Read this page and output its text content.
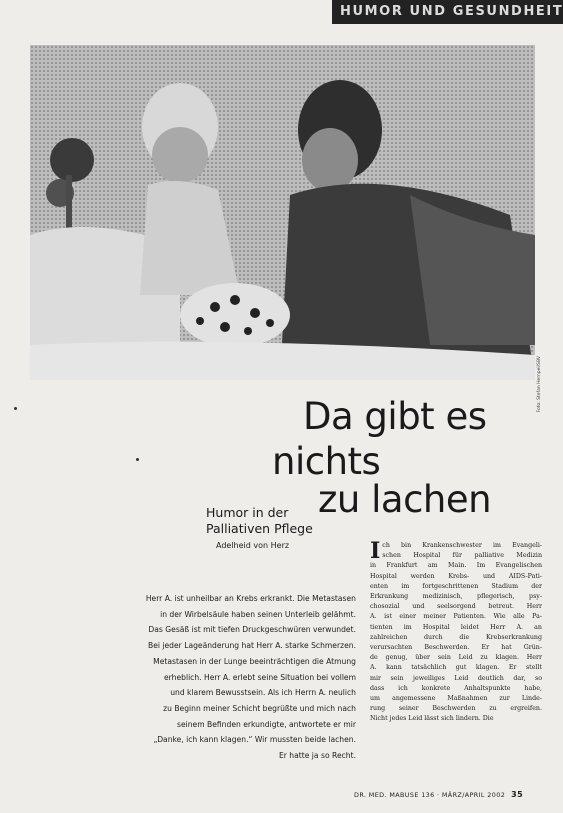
HUMOR UND GESUNDHEIT
Foto: Stefan Hempel/SBV
Da gibt es
nichts
zu lachen
Humor in der
Palliativen Pflege
Adelheid von Herz
Herr A. ist unheilbar an Krebs erkrankt. Die Metastasen
in der Wirbelsäule haben seinen Unterleib gelähmt.
Das Gesäß ist mit tiefen Druckgeschwüren verwundet.
Bei jeder Lageänderung hat Herr A. starke Schmerzen.
Metastasen in der Lunge beeinträchtigen die Atmung
erheblich. Herr A. erlebt seine Situation bei vollem
und klarem Bewusstsein. Als ich Herrn A. neulich
zu Beginn meiner Schicht begrüßte und mich nach
seinem Befinden erkundigte, antwortete er mir
„Danke, ich kann klagen.“ Wir mussten beide lachen.
Er hatte ja so Recht.
I ch bin Krankenschwester im Evangeli-
schen Hospital für palliative Medizin
in Frankfurt am Main. Im Evangelischen
Hospital werden Krebs- und AIDS-Pati-
enten im fortgeschrittenen Stadium der
Erkrankung medizinisch, pflegerisch, psy-
chosozial und seelsorgend betreut. Herr
A. ist einer meiner Patienten. Wie alle Pa-
tienten im Hospital leidet Herr A. an
zahlreichen durch die Krebserkrankung
verursachten Beschwerden. Er hat Grün-
de genug, über sein Leid zu klagen. Herr
A. kann tatsächlich gut klagen. Er stellt
mir sein jeweiliges Leid deutlich dar, so
dass ich konkrete Anhaltspunkte habe,
um angemessene Maßnahmen zur Linde-
rung seiner Beschwerden zu ergreifen.
Nicht jedes Leid lässt sich lindern. Die
DR. MED. MABUSE 136 · MÄRZ/APRIL 2002 35
